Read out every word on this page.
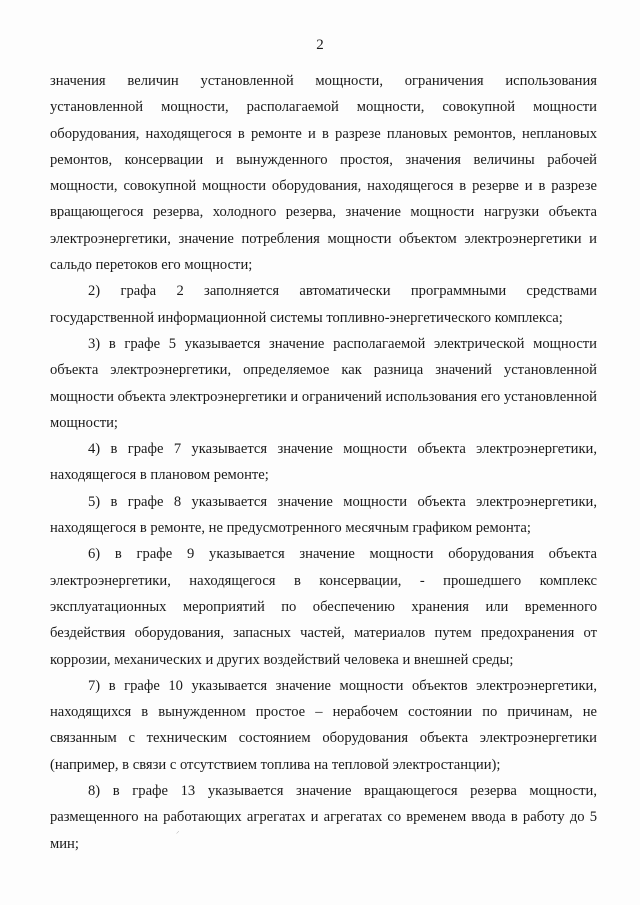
2

значения величин установленной мощности, ограничения использования установленной мощности, располагаемой мощности, совокупной мощности оборудования, находящегося в ремонте и в разрезе плановых ремонтов, неплановых ремонтов, консервации и вынужденного простоя, значения величины рабочей мощности, совокупной мощности оборудования, находящегося в резерве и в разрезе вращающегося резерва, холодного резерва, значение мощности нагрузки объекта электроэнергетики, значение потребления мощности объектом электроэнергетики и сальдо перетоков его мощности;

2) графа 2 заполняется автоматически программными средствами государственной информационной системы топливно-энергетического комплекса;

3) в графе 5 указывается значение располагаемой электрической мощности объекта электроэнергетики, определяемое как разница значений установленной мощности объекта электроэнергетики и ограничений использования его установленной мощности;

4) в графе 7 указывается значение мощности объекта электроэнергетики, находящегося в плановом ремонте;

5) в графе 8 указывается значение мощности объекта электроэнергетики, находящегося в ремонте, не предусмотренного месячным графиком ремонта;

6) в графе 9 указывается значение мощности оборудования объекта электроэнергетики, находящегося в консервации, - прошедшего комплекс эксплуатационных мероприятий по обеспечению хранения или временного бездействия оборудования, запасных частей, материалов путем предохранения от коррозии, механических и других воздействий человека и внешней среды;

7) в графе 10 указывается значение мощности объектов электроэнергетики, находящихся в вынужденном простое – нерабочем состоянии по причинам, не связанным с техническим состоянием оборудования объекта электроэнергетики (например, в связи с отсутствием топлива на тепловой электростанции);

8) в графе 13 указывается значение вращающегося резерва мощности, размещенного на работающих агрегатах и агрегатах со временем ввода в работу до 5 мин;

⸝
